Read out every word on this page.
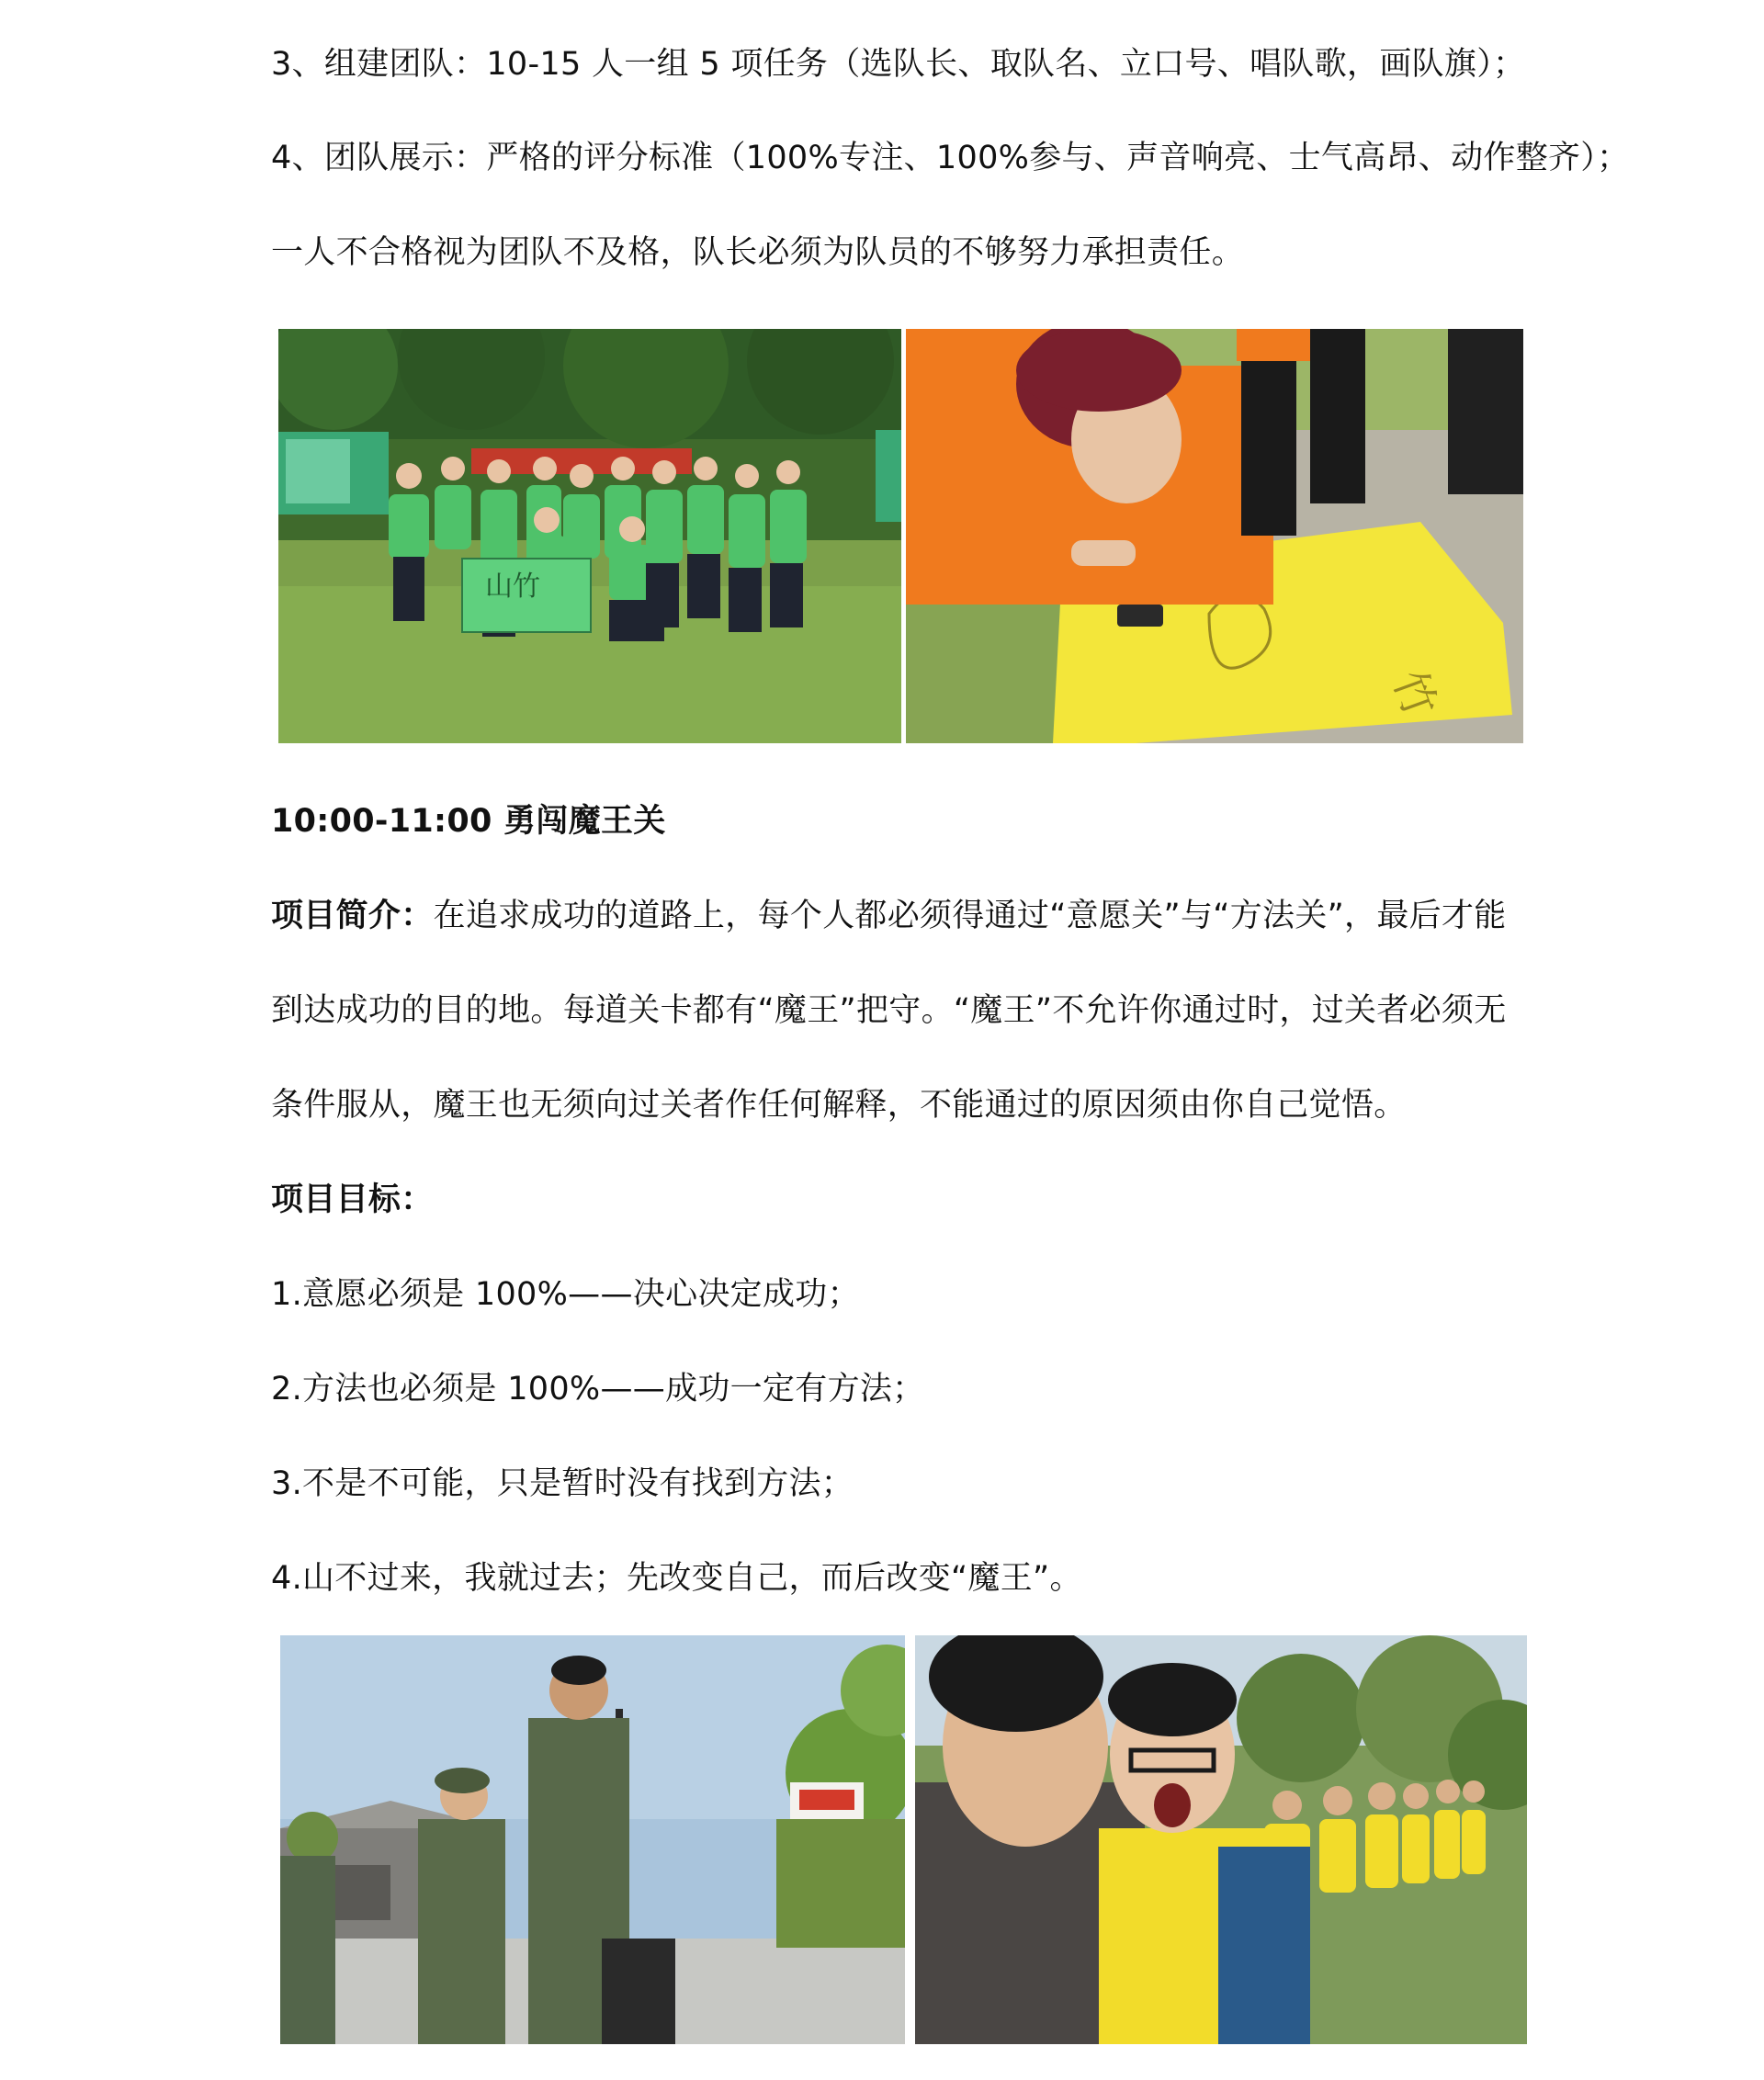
3、组建团队：10-15 人一组 5 项任务（选队长、取队名、立口号、唱队歌，画队旗）；
4、团队展示：严格的评分标准（100%专注、100%参与、声音响亮、士气高昂、动作整齐）；
一人不合格视为团队不及格，队长必须为队员的不够努力承担责任。
山竹
竹
10:00-11:00 勇闯魔王关
项目简介：在追求成功的道路上，每个人都必须得通过“意愿关”与“方法关”，最后才能
到达成功的目的地。每道关卡都有“魔王”把守。“魔王”不允许你通过时，过关者必须无
条件服从，魔王也无须向过关者作任何解释，不能通过的原因须由你自己觉悟。
项目目标：
1.意愿必须是 100%——决心决定成功；
2.方法也必须是 100%——成功一定有方法；
3.不是不可能，只是暂时没有找到方法；
4.山不过来，我就过去；先改变自己，而后改变“魔王”。
